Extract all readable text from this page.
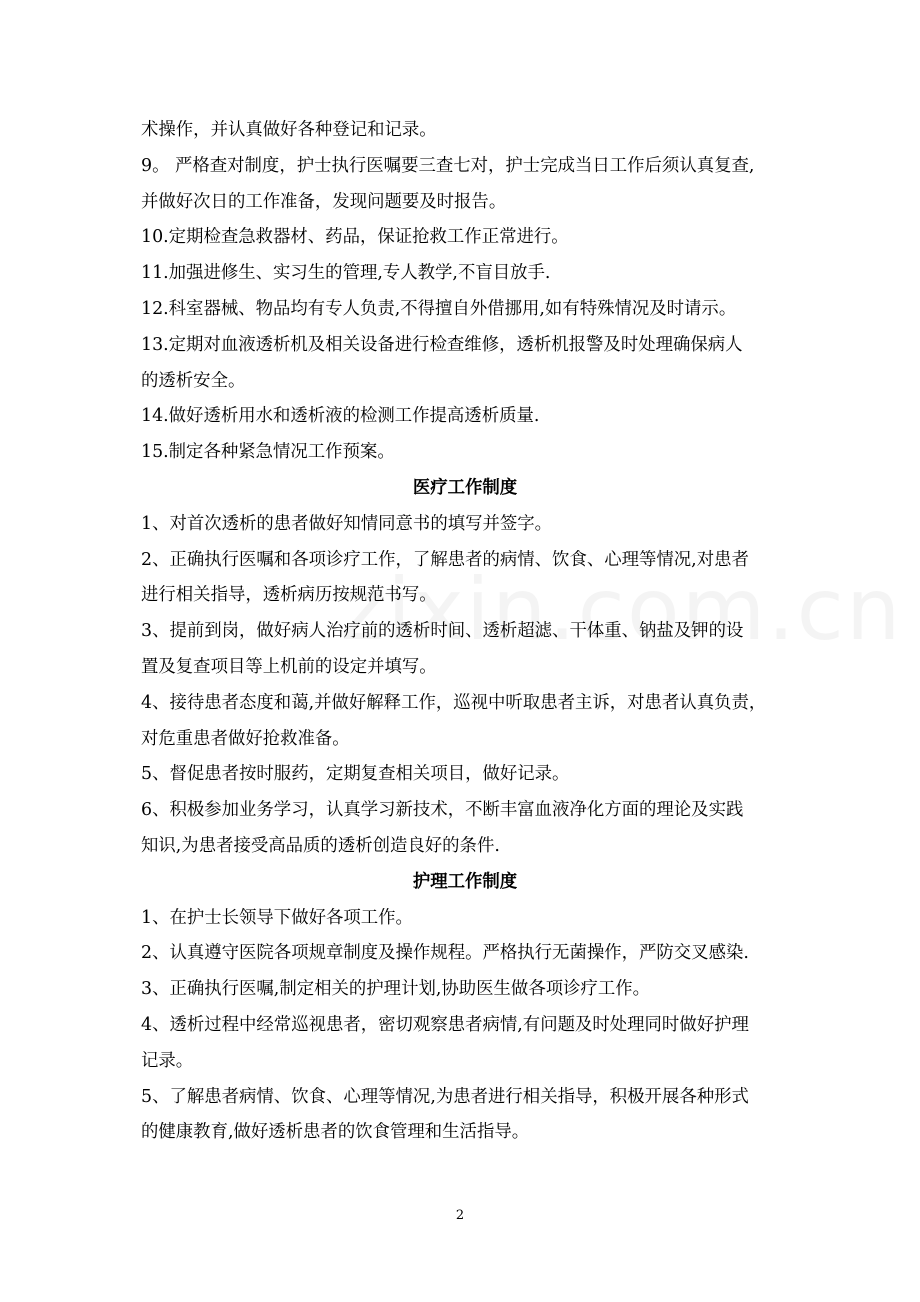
术操作，并认真做好各种登记和记录。
9。 严格查对制度，护士执行医嘱要三查七对，护士完成当日工作后须认真复查,
并做好次日的工作准备，发现问题要及时报告。
10.定期检查急救器材、药品，保证抢救工作正常进行。
11.加强进修生、实习生的管理,专人教学,不盲目放手.
12.科室器械、物品均有专人负责,不得擅自外借挪用,如有特殊情况及时请示。
13.定期对血液透析机及相关设备进行检查维修，透析机报警及时处理确保病人
的透析安全。
14.做好透析用水和透析液的检测工作提高透析质量.
15.制定各种紧急情况工作预案。
医疗工作制度
1、对首次透析的患者做好知情同意书的填写并签字。
2、正确执行医嘱和各项诊疗工作，了解患者的病情、饮食、心理等情况,对患者
进行相关指导，透析病历按规范书写。
3、提前到岗，做好病人治疗前的透析时间、透析超滤、干体重、钠盐及钾的设
置及复查项目等上机前的设定并填写。
4、接待患者态度和蔼,并做好解释工作，巡视中听取患者主诉，对患者认真负责，
对危重患者做好抢救准备。
5、督促患者按时服药，定期复查相关项目，做好记录。
6、积极参加业务学习，认真学习新技术，不断丰富血液净化方面的理论及实践
知识,为患者接受高品质的透析创造良好的条件.
护理工作制度
1、在护士长领导下做好各项工作。
2、认真遵守医院各项规章制度及操作规程。严格执行无菌操作，严防交叉感染.
3、正确执行医嘱,制定相关的护理计划,协助医生做各项诊疗工作。
4、透析过程中经常巡视患者，密切观察患者病情,有问题及时处理同时做好护理
记录。
5、了解患者病情、饮食、心理等情况,为患者进行相关指导，积极开展各种形式
的健康教育,做好透析患者的饮食管理和生活指导。
2
